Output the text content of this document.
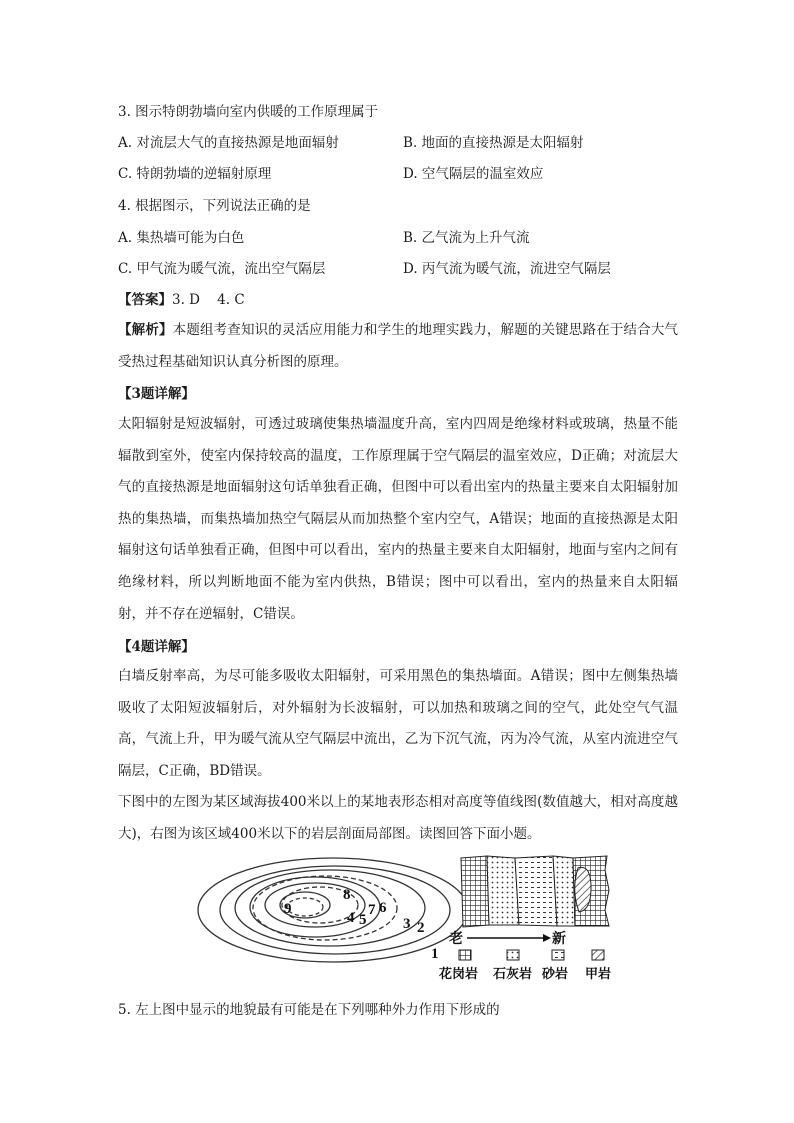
3. 图示特朗勃墙向室内供暖的工作原理属于
A. 对流层大气的直接热源是地面辐射	B. 地面的直接热源是太阳辐射
C. 特朗勃墙的逆辐射原理	D. 空气隔层的温室效应
4. 根据图示，下列说法正确的是
A. 集热墙可能为白色	B. 乙气流为上升气流
C. 甲气流为暖气流，流出空气隔层	D. 丙气流为暖气流，流进空气隔层
【答案】3. D    4. C
【解析】本题组考查知识的灵活应用能力和学生的地理实践力，解题的关键思路在于结合大气受热过程基础知识认真分析图的原理。
【3题详解】
太阳辐射是短波辐射，可透过玻璃使集热墙温度升高，室内四周是绝缘材料或玻璃，热量不能辐散到室外，使室内保持较高的温度，工作原理属于空气隔层的温室效应，D正确；对流层大气的直接热源是地面辐射这句话单独看正确，但图中可以看出室内的热量主要来自太阳辐射加热的集热墙，而集热墙加热空气隔层从而加热整个室内空气，A错误；地面的直接热源是太阳辐射这句话单独看正确，但图中可以看出，室内的热量主要来自太阳辐射，地面与室内之间有绝缘材料，所以判断地面不能为室内供热，B错误；图中可以看出，室内的热量来自太阳辐射，并不存在逆辐射，C错误。
【4题详解】
白墙反射率高，为尽可能多吸收太阳辐射，可采用黑色的集热墙面。A错误；图中左侧集热墙吸收了太阳短波辐射后，对外辐射为长波辐射，可以加热和玻璃之间的空气，此处空气气温高，气流上升，甲为暖气流从空气隔层中流出，乙为下沉气流，丙为冷气流，从室内流进空气隔层，C正确，BD错误。
下图中的左图为某区域海拔400米以上的某地表形态相对高度等值线图(数值越大，相对高度越大)，右图为该区域400米以下的岩层剖面局部图。读图回答下面小题。
1
2
3
4 5
6
7
8
9
老	新
花岗岩 石灰岩 砂岩 甲岩
5. 左上图中显示的地貌最有可能是在下列哪种外力作用下形成的
